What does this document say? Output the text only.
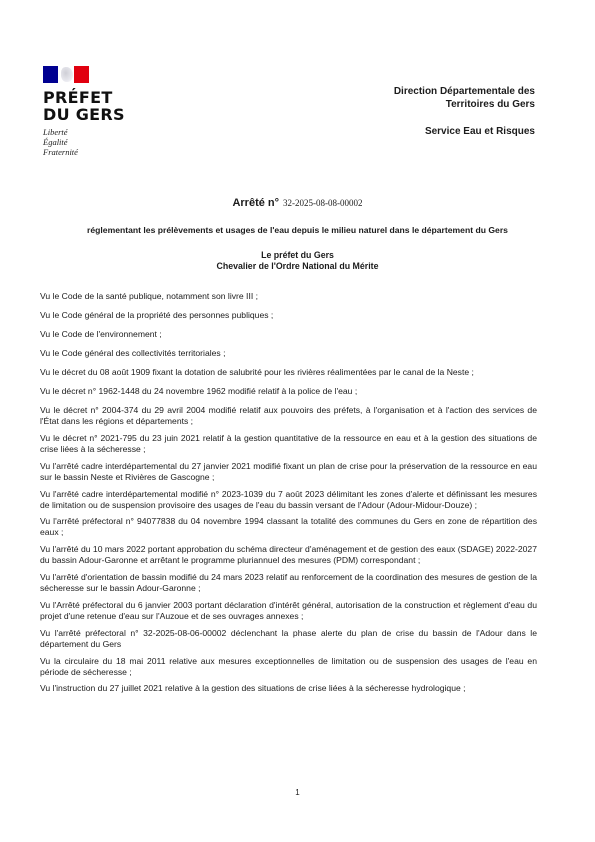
PRÉFET
DU GERS
Liberté
Égalité
Fraternité
Direction Départementale des
Territoires du Gers
Service Eau et Risques
Arrêté n° 32-2025-08-08-00002
réglementant les prélèvements et usages de l'eau depuis le milieu naturel dans le département du Gers
Le préfet du Gers
Chevalier de l'Ordre National du Mérite

Vu le Code de la santé publique, notamment son livre III ;

Vu le Code général de la propriété des personnes publiques ;

Vu le Code de l'environnement ;

Vu le Code général des collectivités territoriales ;

Vu le décret du 08 août 1909 fixant la dotation de salubrité pour les rivières réalimentées par le canal de la Neste ;

Vu le décret n° 1962-1448 du 24 novembre 1962 modifié relatif à la police de l'eau ;

Vu le décret n° 2004-374 du 29 avril 2004 modifié relatif aux pouvoirs des préfets, à l'organisation et à l'action des services de l'État dans les régions et départements ;

Vu le décret n° 2021-795 du 23 juin 2021 relatif à la gestion quantitative de la ressource en eau et à la gestion des situations de crise liées à la sécheresse ;

Vu l'arrêté cadre interdépartemental du 27 janvier 2021 modifié fixant un plan de crise pour la préservation de la ressource en eau sur le bassin Neste et Rivières de Gascogne ;

Vu l'arrêté cadre interdépartemental modifié n° 2023-1039 du 7 août 2023 délimitant les zones d'alerte et définissant les mesures de limitation ou de suspension provisoire des usages de l'eau du bassin versant de l'Adour (Adour-Midour-Douze) ;

Vu l'arrêté préfectoral n° 94077838 du 04 novembre 1994 classant la totalité des communes du Gers en zone de répartition des eaux ;

Vu l'arrêté du 10 mars 2022 portant approbation du schéma directeur d'aménagement et de gestion des eaux (SDAGE) 2022-2027 du bassin Adour-Garonne et arrêtant le programme pluriannuel des mesures (PDM) correspondant ;

Vu l'arrêté d'orientation de bassin modifié du 24 mars 2023 relatif au renforcement de la coordination des mesures de gestion de la sécheresse sur le bassin Adour-Garonne ;

Vu l'Arrêté préfectoral du 6 janvier 2003 portant déclaration d'intérêt général, autorisation de la construction et règlement d'eau du projet d'une retenue d'eau sur l'Auzoue et de ses ouvrages annexes ;

Vu l'arrêté préfectoral n° 32-2025-08-06-00002 déclenchant la phase alerte du plan de crise du bassin de l'Adour dans le département du Gers

Vu la circulaire du 18 mai 2011 relative aux mesures exceptionnelles de limitation ou de suspension des usages de l'eau en période de sécheresse ;

Vu l'instruction du 27 juillet 2021 relative à la gestion des situations de crise liées à la sécheresse hydrologique ;

1
